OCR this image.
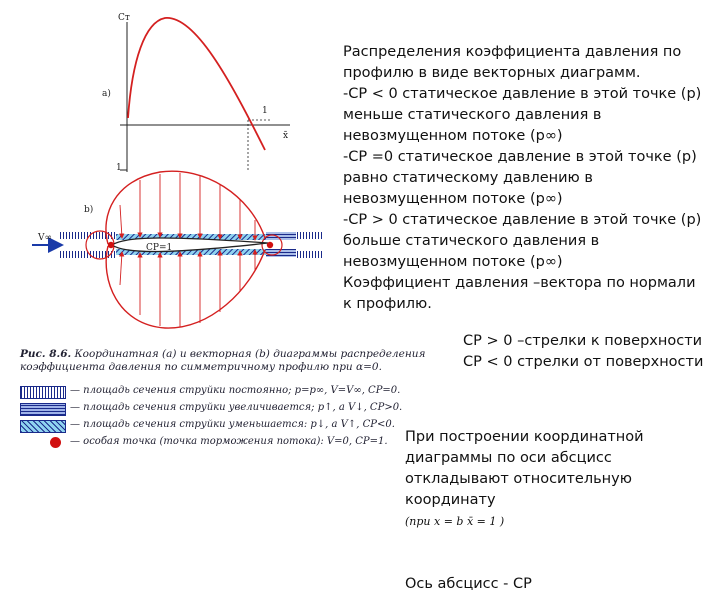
Cт
a)
1
1
x̄
b)
V∞
CР=1
Рис. 8.6. Координатная (a) и векторная (b) диаграммы распределения коэффициента давления по симметричному профилю при α=0.
— площадь сечения струйки постоянно; p=p∞, V=V∞, CР=0.
— площадь сечения струйки увеличивается; p↑, a V↓, CР>0.
— площадь сечения струйки уменьшается: p↓, a V↑, CР<0.
— особая точка (точка торможения потока): V=0, CР=1.
Распределения коэффициента давления по
профилю в виде векторных диаграмм.
-CР < 0 статическое давление в этой точке (p)
меньше статического давления в
невозмущенном потоке (p∞)
-CР =0 статическое давление в этой точке (p)
равно статическому давлению в
невозмущенном потоке (p∞)
-CР > 0 статическое давление в этой точке (p)
больше статического давления в
невозмущенном потоке (p∞)
Коэффициент давления –вектора по нормали
к профилю.
CР > 0 –стрелки к поверхности
CР < 0 стрелки от поверхности

При построении координатной
диаграммы по оси абсцисс
откладывают относительную
координату
(при x = b x̄ = 1 )

Ось абсцисс - CР
